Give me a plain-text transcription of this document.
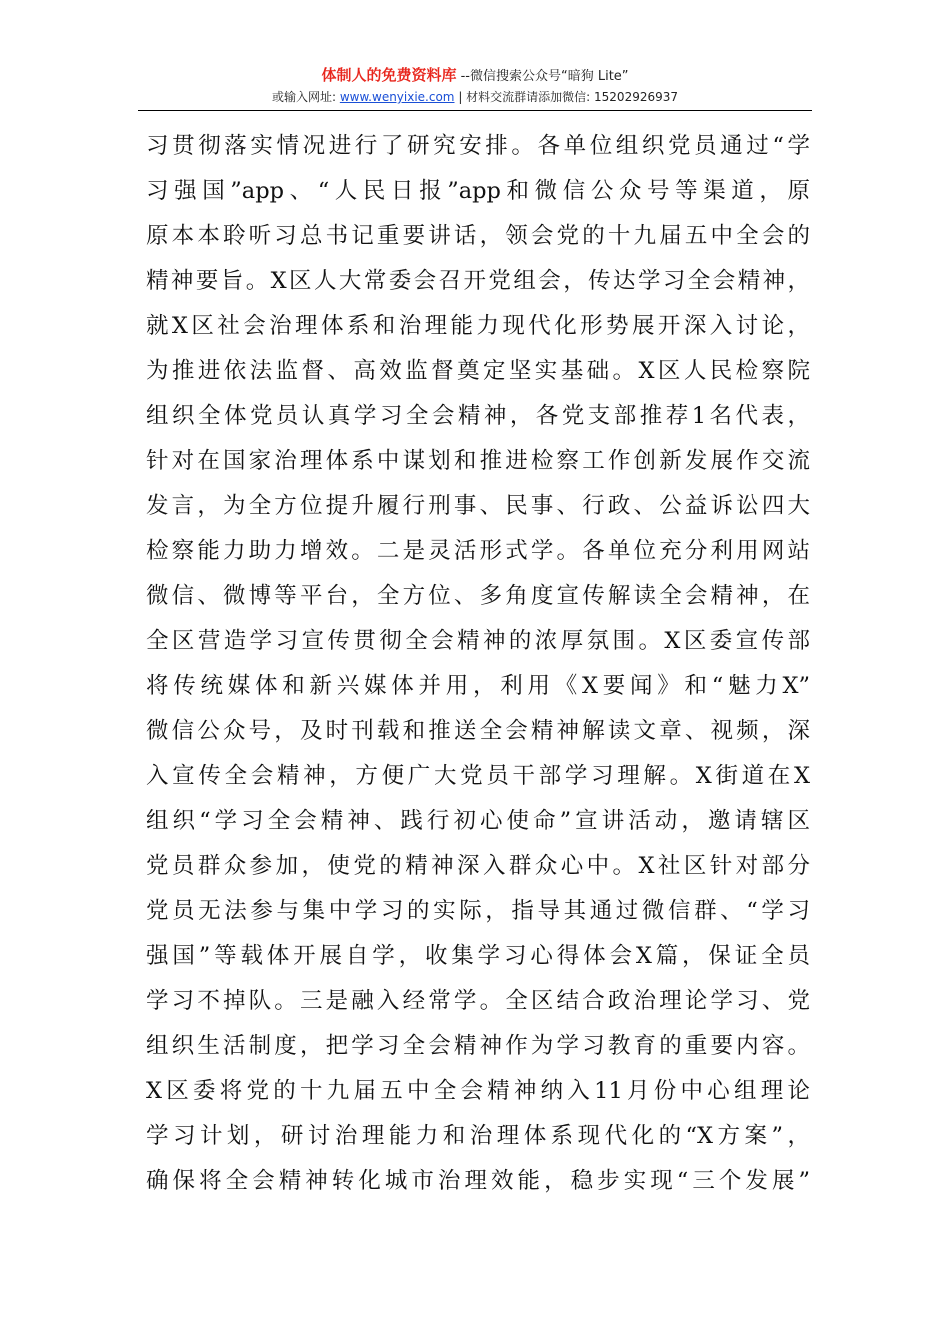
体制人的免费资料库 --微信搜索公众号“暗狗 Lite”
或输入网址: www.wenyixie.com | 材料交流群请添加微信: 15202926937
习贯彻落实情况进行了研究安排。各单位组织党员通过“学
习强国”app、“人民日报”app和微信公众号等渠道，原
原本本聆听习总书记重要讲话，领会党的十九届五中全会的
精神要旨。X区人大常委会召开党组会，传达学习全会精神，
就X区社会治理体系和治理能力现代化形势展开深入讨论，
为推进依法监督、高效监督奠定坚实基础。X区人民检察院
组织全体党员认真学习全会精神，各党支部推荐1名代表，
针对在国家治理体系中谋划和推进检察工作创新发展作交流
发言，为全方位提升履行刑事、民事、行政、公益诉讼四大
检察能力助力增效。二是灵活形式学。各单位充分利用网站
微信、微博等平台，全方位、多角度宣传解读全会精神，在
全区营造学习宣传贯彻全会精神的浓厚氛围。X区委宣传部
将传统媒体和新兴媒体并用，利用《X要闻》和“魅力X”
微信公众号，及时刊载和推送全会精神解读文章、视频，深
入宣传全会精神，方便广大党员干部学习理解。X街道在X
组织“学习全会精神、践行初心使命”宣讲活动，邀请辖区
党员群众参加，使党的精神深入群众心中。X社区针对部分
党员无法参与集中学习的实际，指导其通过微信群、“学习
强国”等载体开展自学，收集学习心得体会X篇，保证全员
学习不掉队。三是融入经常学。全区结合政治理论学习、党
组织生活制度，把学习全会精神作为学习教育的重要内容。
X区委将党的十九届五中全会精神纳入11月份中心组理论
学习计划，研讨治理能力和治理体系现代化的“X方案”，
确保将全会精神转化城市治理效能，稳步实现“三个发展”
